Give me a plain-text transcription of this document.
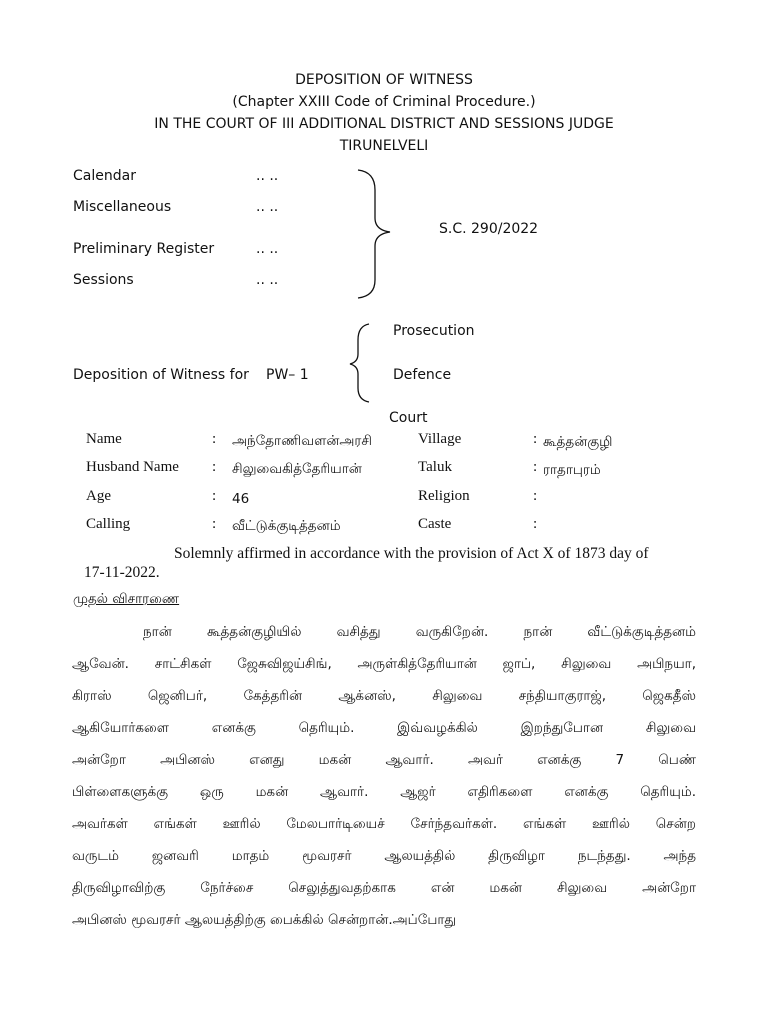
DEPOSITION OF WITNESS
(Chapter XXIII Code of Criminal Procedure.)
IN THE COURT OF III ADDITIONAL DISTRICT AND SESSIONS JUDGE
TIRUNELVELI
Calendar	.. ..
Miscellaneous	.. ..
Preliminary Register	.. ..
Sessions	.. ..
S.C. 290/2022
Prosecution
Deposition of Witness for PW– 1	Defence
Court
Name	: அந்தோணிவளன்அரசி	Village	: கூத்தன்குழி
Husband Name : சிலுவைகித்தேரியான்	Taluk	: ராதாபுரம்
Age	: 46	Religion	:
Calling	: வீட்டுக்குடித்தனம்	Caste	:
Solemnly affirmed in accordance with the provision of Act X of 1873 day of
17-11-2022.
முதல் விசாரணை
நான் கூத்தன்குழியில் வசித்து வருகிறேன். நான் வீட்டுக்குடித்தனம்
ஆவேன். சாட்சிகள் ஜேசுவிஜய்சிங், அருள்கித்தேரியான் ஜாப், சிலுவை அபிநயா,
கிராஸ் ஜெனிபர், கேத்தரின் ஆக்னஸ், சிலுவை சந்தியாகுராஜ், ஜெகதீஸ்
ஆகியோர்களை எனக்கு தெரியும். இவ்வழக்கில் இறந்துபோன சிலுவை
அன்றோ அபினஸ் எனது மகன் ஆவார். அவர் எனக்கு 7 பெண்
பிள்ளைகளுக்கு ஒரு மகன் ஆவார். ஆஜர் எதிரிகளை எனக்கு தெரியும்.
அவர்கள் எங்கள் ஊரில் மேலபார்டியைச் சேர்ந்தவர்கள். எங்கள் ஊரில் சென்ற
வருடம் ஜனவரி மாதம் மூவரசர் ஆலயத்தில் திருவிழா நடந்தது. அந்த
திருவிழாவிற்கு நேர்ச்சை செலுத்துவதற்காக என் மகன் சிலுவை அன்றோ
அபினஸ் மூவரசர் ஆலயத்திற்கு பைக்கில் சென்றான்.அப்போது
